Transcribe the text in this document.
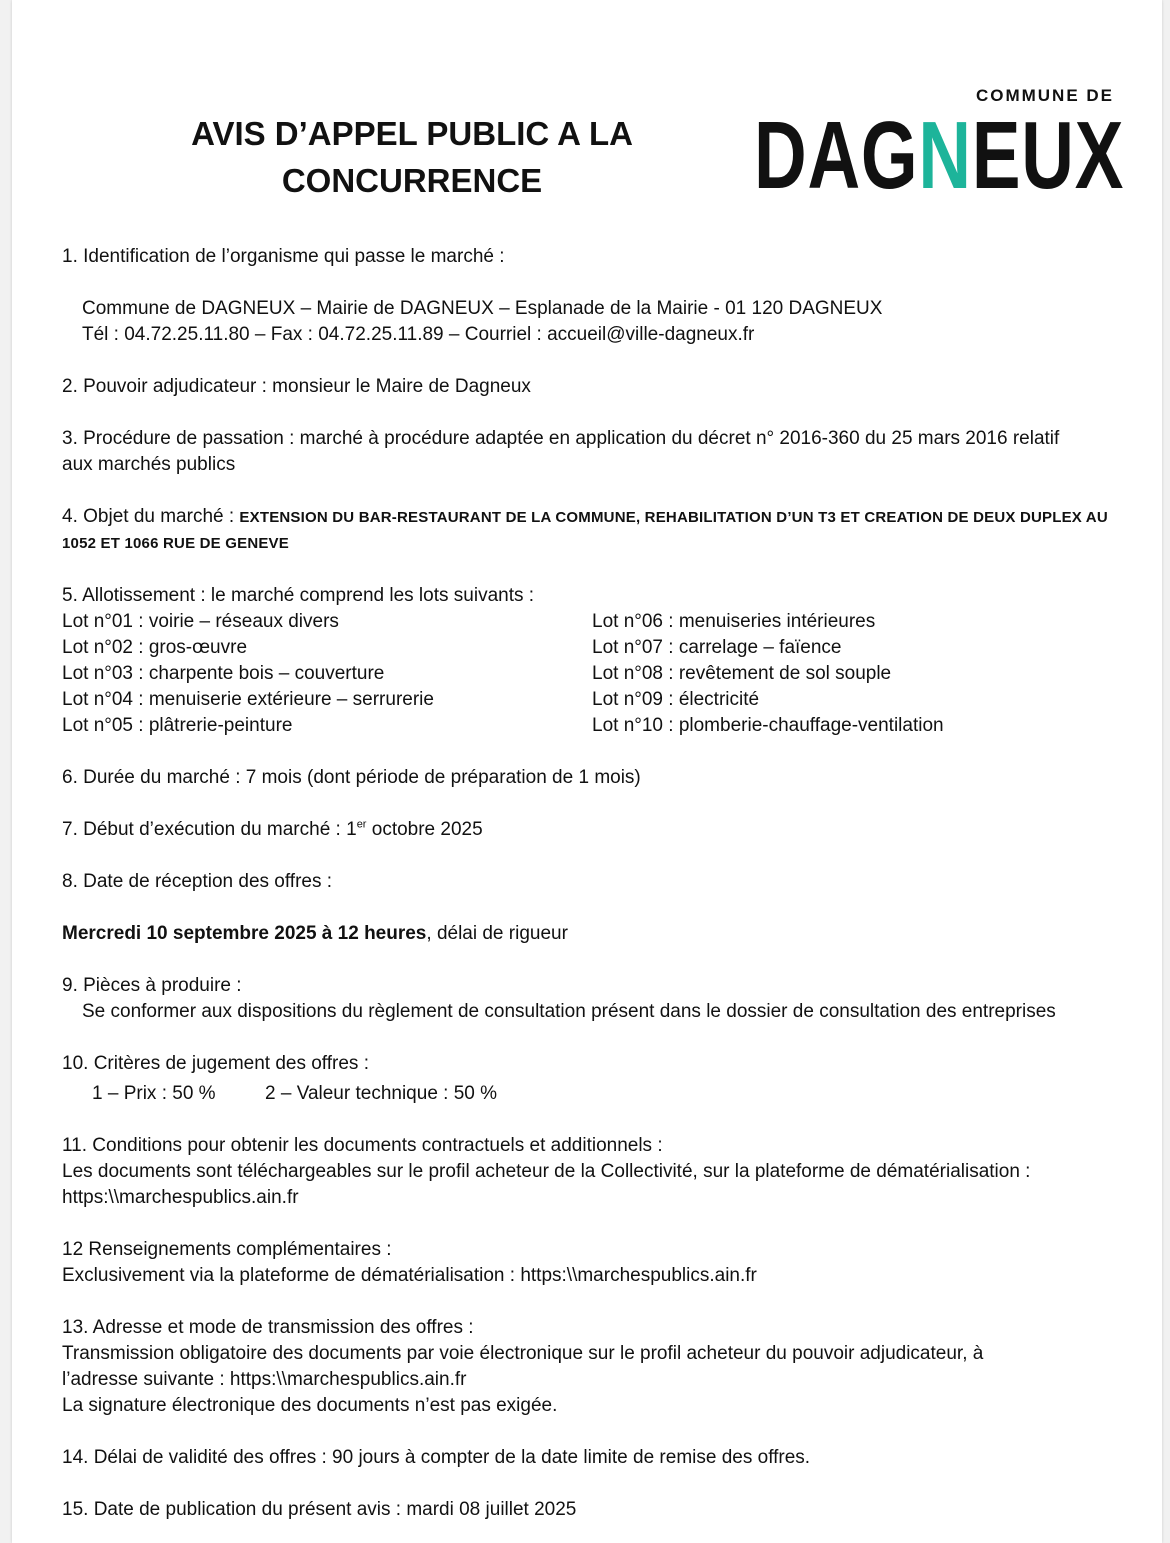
AVIS D’APPEL PUBLIC A LA
CONCURRENCE
COMMUNE DE
DAGNEUX

1. Identification de l’organisme qui passe le marché :

Commune de DAGNEUX – Mairie de DAGNEUX – Esplanade de la Mairie - 01 120 DAGNEUX

Tél : 04.72.25.11.80 – Fax : 04.72.25.11.89 – Courriel : accueil@ville-dagneux.fr

2. Pouvoir adjudicateur : monsieur le Maire de Dagneux

3. Procédure de passation : marché à procédure adaptée en application du décret n° 2016-360 du 25 mars 2016 relatif

aux marchés publics

4. Objet du marché : EXTENSION DU BAR-RESTAURANT DE LA COMMUNE, REHABILITATION D’UN T3 ET CREATION DE DEUX DUPLEX AU

1052 ET 1066 RUE DE GENEVE

5. Allotissement : le marché comprend les lots suivants :

Lot n°01 : voirie – réseaux divers

Lot n°02 : gros-œuvre

Lot n°03 : charpente bois – couverture

Lot n°04 : menuiserie extérieure – serrurerie

Lot n°05 : plâtrerie-peinture

Lot n°06 : menuiseries intérieures

Lot n°07 : carrelage – faïence

Lot n°08 : revêtement de sol souple

Lot n°09 : électricité

Lot n°10 : plomberie-chauffage-ventilation

6. Durée du marché : 7 mois (dont période de préparation de 1 mois)

7. Début d’exécution du marché : 1er octobre 2025

8. Date de réception des offres :

Mercredi 10 septembre 2025 à 12 heures, délai de rigueur

9. Pièces à produire :

Se conformer aux dispositions du règlement de consultation présent dans le dossier de consultation des entreprises

10. Critères de jugement des offres :

1 – Prix : 50 %	2 – Valeur technique : 50 %

11. Conditions pour obtenir les documents contractuels et additionnels :

Les documents sont téléchargeables sur le profil acheteur de la Collectivité, sur la plateforme de dématérialisation :

https:\\marchespublics.ain.fr

12 Renseignements complémentaires :

Exclusivement via la plateforme de dématérialisation : https:\\marchespublics.ain.fr

13. Adresse et mode de transmission des offres :

Transmission obligatoire des documents par voie électronique sur le profil acheteur du pouvoir adjudicateur, à

l’adresse suivante : https:\\marchespublics.ain.fr

La signature électronique des documents n’est pas exigée.

14. Délai de validité des offres : 90 jours à compter de la date limite de remise des offres.

15. Date de publication du présent avis : mardi 08 juillet 2025
